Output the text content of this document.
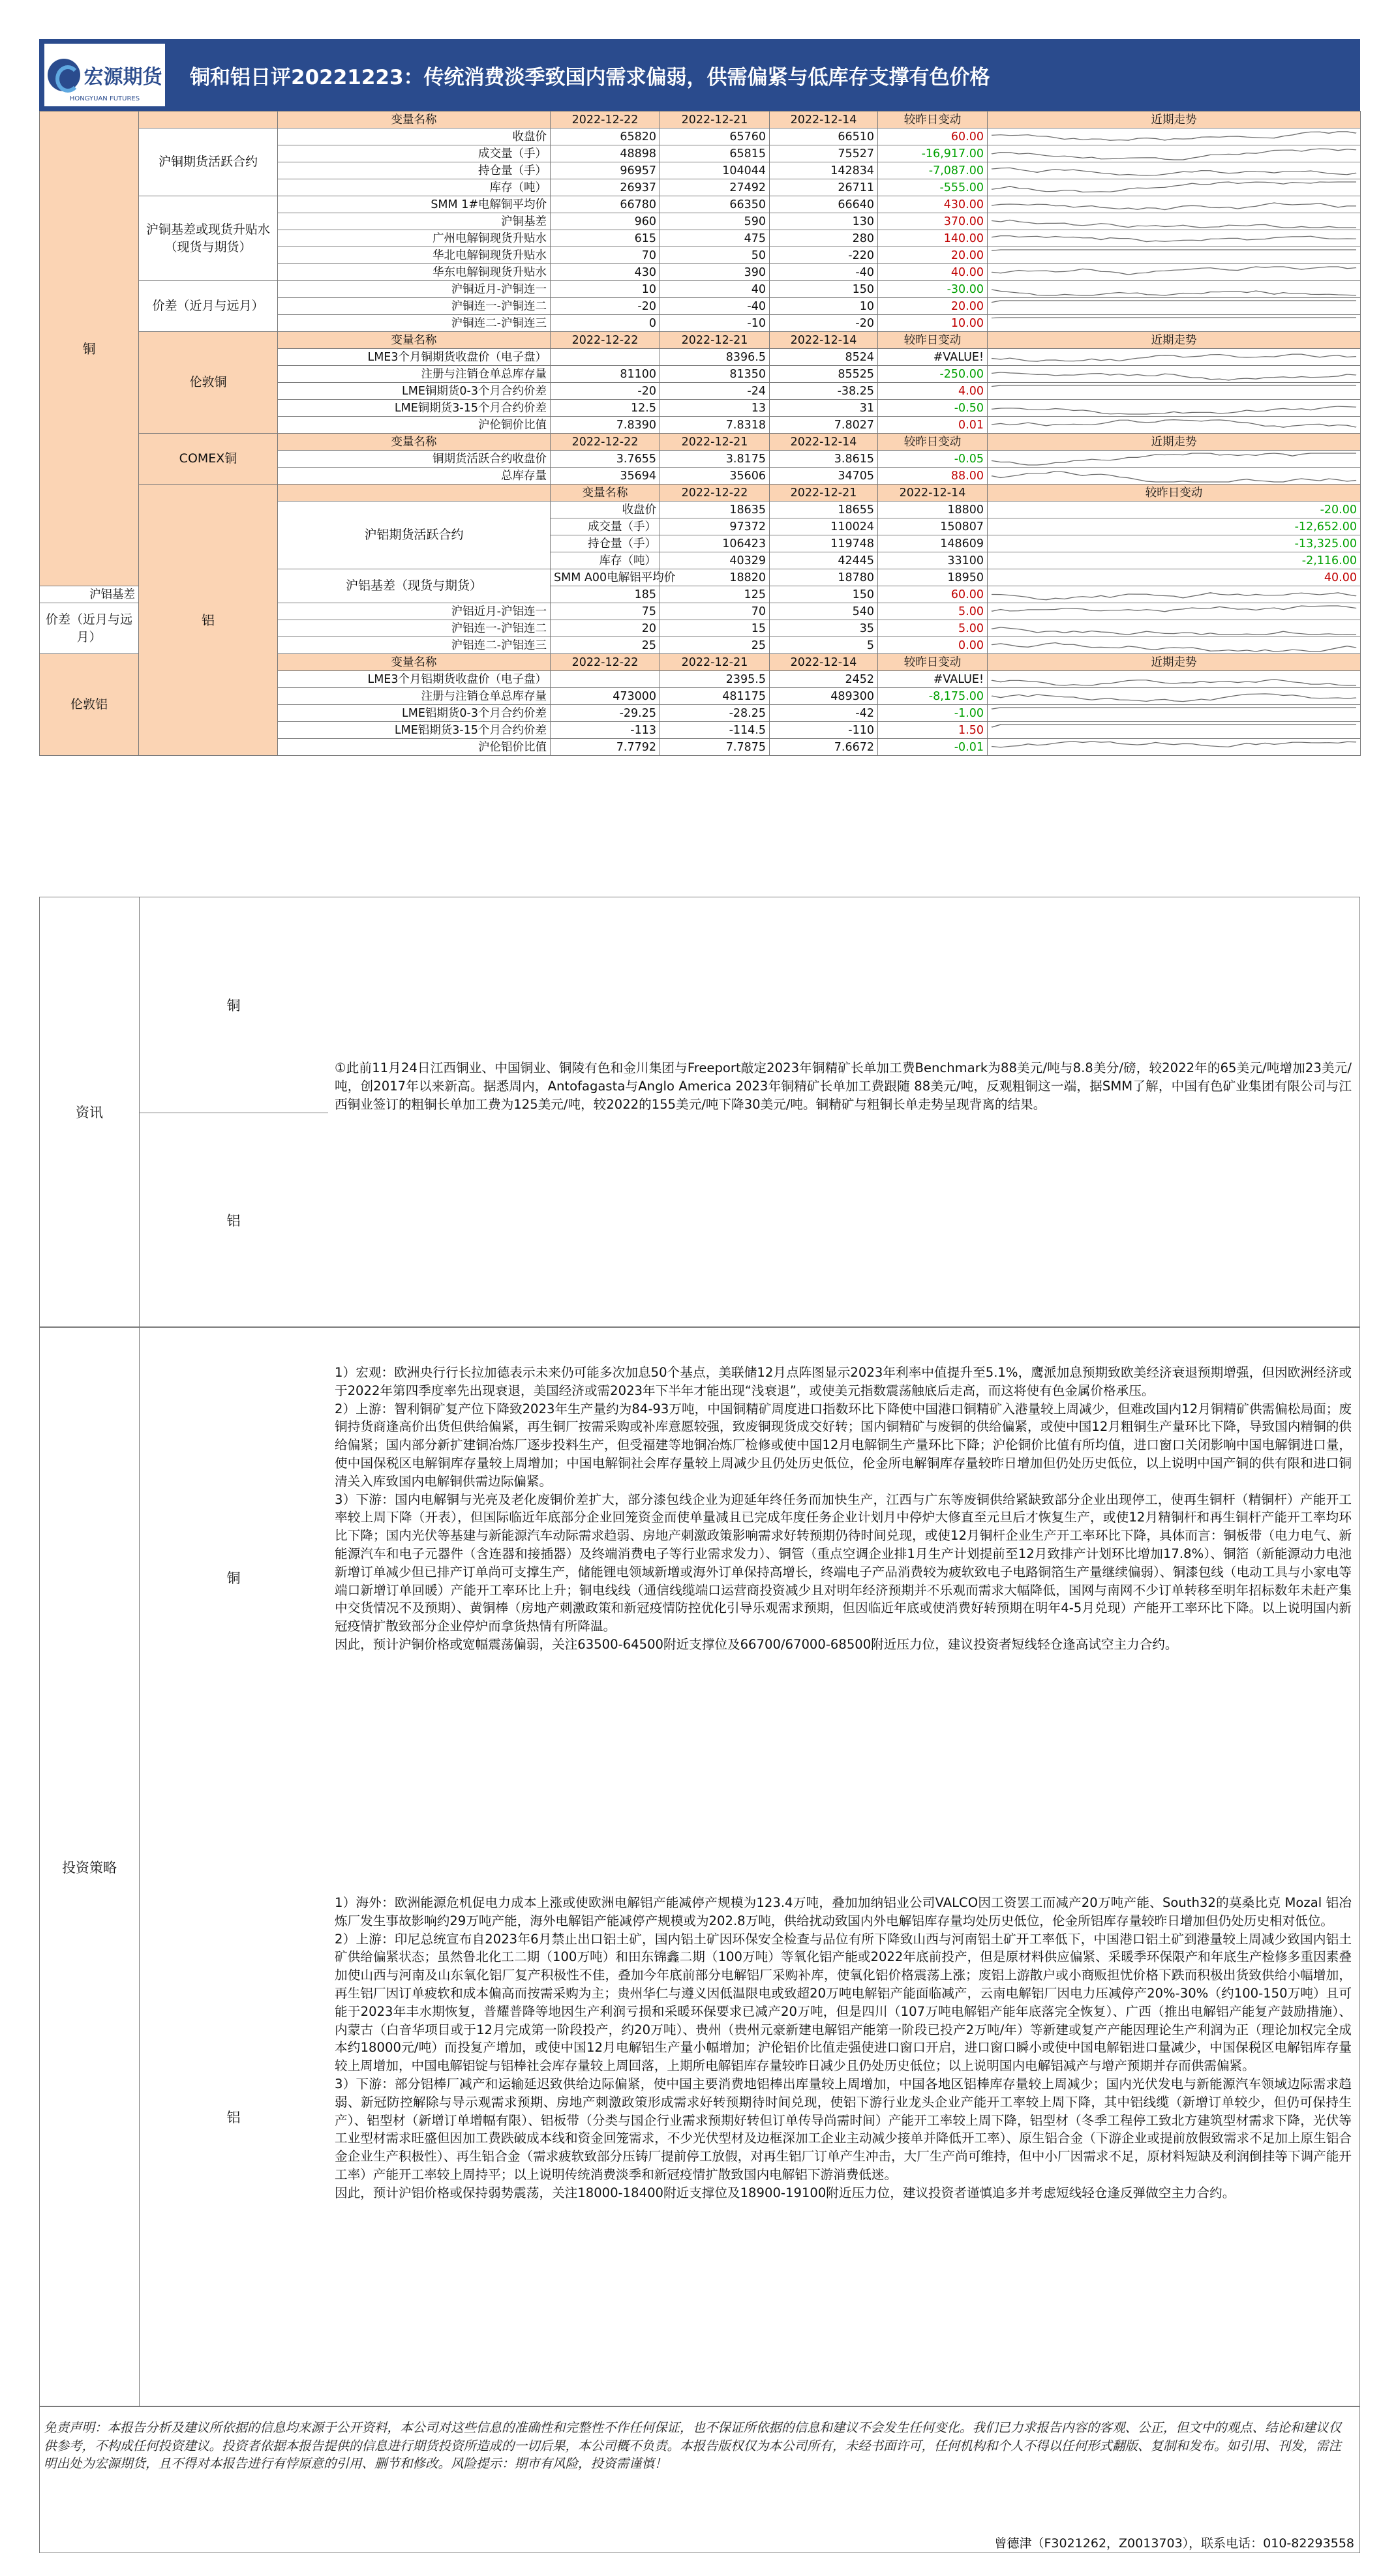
宏源期货
HONGYUAN FUTURES
铜和铝日评20221223：传统消费淡季致国内需求偏弱，供需偏紧与低库存支撑有色价格
铜		变量名称	2022-12-22	2022-12-21	2022-12-14	较昨日变动	近期走势	
	沪铜期货活跃合约	收盘价	65820	65760	66510	60.00	

		成交量（手）	48898	65815	75527	-16,917.00	

		持仓量（手）	96957	104044	142834	-7,087.00	

		库存（吨）	26937	27492	26711	-555.00	

	沪铜基差或现货升贴水（现货与期货）	SMM 1#电解铜平均价	66780	66350	66640	430.00	

		沪铜基差	960	590	130	370.00	

		广州电解铜现货升贴水	615	475	280	140.00	

		华北电解铜现货升贴水	70	50	-220	20.00	

		华东电解铜现货升贴水	430	390	-40	40.00	

	价差（近月与远月）	沪铜近月-沪铜连一	10	40	150	-30.00	

		沪铜连一-沪铜连二	-20	-40	10	20.00	

		沪铜连二-沪铜连三	0	-10	-20	10.00	

	伦敦铜	变量名称	2022-12-22	2022-12-21	2022-12-14	较昨日变动	近期走势	
		LME3个月铜期货收盘价（电子盘）		8396.5	8524	#VALUE!	

		注册与注销仓单总库存量	81100	81350	85525	-250.00	

		LME铜期货0-3个月合约价差	-20	-24	-38.25	4.00	

		LME铜期货3-15个月合约价差	12.5	13	31	-0.50	

		沪伦铜价比值	7.8390	7.8318	7.8027	0.01	

	COMEX铜	变量名称	2022-12-22	2022-12-21	2022-12-14	较昨日变动	近期走势	
		铜期货活跃合约收盘价	3.7655	3.8175	3.8615	-0.05	

		总库存量	35694	35606	34705	88.00	

	铝		变量名称	2022-12-22	2022-12-21	2022-12-14	较昨日变动	
		沪铝期货活跃合约	收盘价	18635	18655	18800	-20.00	

			成交量（手）	97372	110024	150807	-12,652.00	

			持仓量（手）	106423	119748	148609	-13,325.00	

			库存（吨）	40329	42445	33100	-2,116.00	

		沪铝基差（现货与期货）	SMM A00电解铝平均价	18820	18780	18950	40.00	

沪铝基差			185	125	150	60.00	

价差（近月与远月）		沪铝近月-沪铝连一	75	70	540	5.00	

		沪铝连一-沪铝连二	20	15	35	5.00	

		沪铝连二-沪铝连三	25	25	5	0.00	

伦敦铝		变量名称	2022-12-22	2022-12-21	2022-12-14	较昨日变动	近期走势	
		LME3个月铝期货收盘价（电子盘）		2395.5	2452	#VALUE!	

		注册与注销仓单总库存量	473000	481175	489300	-8,175.00	

		LME铝期货0-3个月合约价差	-29.25	-28.25	-42	-1.00	

		LME铝期货3-15个月合约价差	-113	-114.5	-110	1.50	

		沪伦铝价比值	7.7792	7.7875	7.6672	-0.01	
资讯
铜
铝
①此前11月24日江西铜业、中国铜业、铜陵有色和金川集团与Freeport敲定2023年铜精矿长单加工费Benchmark为88美元/吨与8.8美分/磅，较2022年的65美元/吨增加23美元/吨，创2017年以来新高。据悉周内，Antofagasta与Anglo America 2023年铜精矿长单加工费跟随 88美元/吨，反观粗铜这一端，据SMM了解，中国有色矿业集团有限公司与江西铜业签订的粗铜长单加工费为125美元/吨，较2022的155美元/吨下降30美元/吨。铜精矿与粗铜长单走势呈现背离的结果。
投资策略
铜
铝

1）宏观：欧洲央行行长拉加德表示未来仍可能多次加息50个基点，美联储12月点阵图显示2023年利率中值提升至5.1%，鹰派加息预期致欧美经济衰退预期增强，但因欧洲经济或于2022年第四季度率先出现衰退，美国经济或需2023年下半年才能出现“浅衰退”，或使美元指数震荡触底后走高，而这将使有色金属价格承压。

2）上游：智利铜矿复产位下降致2023年生产量约为84-93万吨，中国铜精矿周度进口指数环比下降使中国港口铜精矿入港量较上周减少，但难改国内12月铜精矿供需偏松局面；废铜持货商逢高价出货但供给偏紧，再生铜厂按需采购或补库意愿较强，致废铜现货成交好转；国内铜精矿与废铜的供给偏紧，或使中国12月粗铜生产量环比下降，导致国内精铜的供给偏紧；国内部分新扩建铜冶炼厂逐步投料生产，但受福建等地铜冶炼厂检修或使中国12月电解铜生产量环比下降；沪伦铜价比值有所均值，进口窗口关闭影响中国电解铜进口量，使中国保税区电解铜库存量较上周增加；中国电解铜社会库存量较上周减少且仍处历史低位，伦金所电解铜库存量较昨日增加但仍处历史低位，以上说明中国产铜的供有限和进口铜清关入库致国内电解铜供需边际偏紧。

3）下游：国内电解铜与光亮及老化废铜价差扩大，部分漆包线企业为迎延年终任务而加快生产，江西与广东等废铜供给紧缺致部分企业出现停工，使再生铜杆（精铜杆）产能开工率较上周下降（开表），但国际临近年底部分企业回笼资金而使单量减且已完成年度任务企业计划月中停炉大修直至元旦后才恢复生产，或使12月精铜杆和再生铜杆产能开工率均环比下降；国内光伏等基建与新能源汽车动际需求趋弱、房地产刺激政策影响需求好转预期仍待时间兑现，或使12月铜杆企业生产开工率环比下降，具体而言：铜板带（电力电气、新能源汽车和电子元器件（含连器和接插器）及终端消费电子等行业需求发力）、铜管（重点空调企业排1月生产计划提前至12月致排产计划环比增加17.8%）、铜箔（新能源动力电池新增订单减少但已排产订单尚可支撑生产，储能锂电领域新增或海外订单保持高增长，终端电子产品消费较为疲软致电子电路铜箔生产量继续偏弱）、铜漆包线（电动工具与小家电等端口新增订单回暖）产能开工率环比上升；铜电线线（通信线缆端口运营商投资减少且对明年经济预期并不乐观而需求大幅降低，国网与南网不少订单转移至明年招标数年未赶产集中交货情况不及预期）、黄铜棒（房地产刺激政策和新冠疫情防控优化引导乐观需求预期，但因临近年底或使消费好转预期在明年4-5月兑现）产能开工率环比下降。以上说明国内新冠疫情扩散致部分企业停炉而拿货热情有所降温。

因此，预计沪铜价格或宽幅震荡偏弱，关注63500-64500附近支撑位及66700/67000-68500附近压力位，建议投资者短线轻仓逢高试空主力合约。

1）海外：欧洲能源危机促电力成本上涨或使欧洲电解铝产能减停产规模为123.4万吨，叠加加纳铝业公司VALCO因工资罢工而减产20万吨产能、South32的莫桑比克 Mozal 铝冶炼厂发生事故影响约29万吨产能，海外电解铝产能减停产规模或为202.8万吨，供给扰动致国内外电解铝库存量均处历史低位，伦金所铝库存量较昨日增加但仍处历史相对低位。

2）上游：印尼总统宣布自2023年6月禁止出口铝土矿，国内铝土矿因环保安全检查与品位有所下降致山西与河南铝土矿开工率低下，中国港口铝土矿到港量较上周减少致国内铝土矿供给偏紧状态；虽然鲁北化工二期（100万吨）和田东锦鑫二期（100万吨）等氧化铝产能或2022年底前投产，但是原材料供应偏紧、采暖季环保限产和年底生产检修多重因素叠加使山西与河南及山东氧化铝厂复产积极性不佳，叠加今年底前部分电解铝厂采购补库，使氧化铝价格震荡上涨；废铝上游散户或小商贩担忧价格下跌而积极出货致供给小幅增加，再生铝厂因订单疲软和成本偏高而按需采购为主；贵州华仁与遵义因低温限电或致超20万吨电解铝产能面临减产，云南电解铝厂因电力压减停产20%-30%（约100-150万吨）且可能于2023年丰水期恢复，普耀普降等地因生产利润亏损和采暖环保要求已减产20万吨，但是四川（107万吨电解铝产能年底落完全恢复）、广西（推出电解铝产能复产鼓励措施）、内蒙古（白音华项目或于12月完成第一阶段投产，约20万吨）、贵州（贵州元豪新建电解铝产能第一阶段已投产2万吨/年）等新建或复产产能因理论生产利润为正（理论加权完全成本约18000元/吨）而投复产增加，或使中国12月电解铝生产量小幅增加；沪伦铝价比值走强使进口窗口开启，进口窗口瞬小或使中国电解铝进口量减少，中国保税区电解铝库存量较上周增加，中国电解铝锭与铝棒社会库存量较上周回落，上期所电解铝库存量较昨日减少且仍处历史低位；以上说明国内电解铝减产与增产预期并存而供需偏紧。

3）下游：部分铝棒厂减产和运输延迟致供给边际偏紧，使中国主要消费地铝棒出库量较上周增加，中国各地区铝棒库存量较上周减少；国内光伏发电与新能源汽车领域边际需求趋弱、新冠防控解除与导示观需求预期、房地产刺激政策形成需求好转预期待时间兑现，使铝下游行业龙头企业产能开工率较上周下降，其中铝线缆（新增订单较少，但仍可保持生产）、铝型材（新增订单增幅有限）、铝板带（分类与国企行业需求预期好转但订单传导尚需时间）产能开工率较上周下降，铝型材（冬季工程停工致北方建筑型材需求下降，光伏等工业型材需求旺盛但因加工费跌破成本线和资金回笼需求，不少光伏型材及边框深加工企业主动减少接单并降低开工率）、原生铝合金（下游企业或提前放假致需求不足加上原生铝合金企业生产积极性）、再生铝合金（需求疲软致部分压铸厂提前停工放假，对再生铝厂订单产生冲击，大厂生产尚可维持，但中小厂因需求不足，原材料短缺及利润倒挂等下调产能开工率）产能开工率较上周持平；以上说明传统消费淡季和新冠疫情扩散致国内电解铝下游消费低迷。

因此，预计沪铝价格或保持弱势震荡，关注18000-18400附近支撑位及18900-19100附近压力位，建议投资者谨慎追多并考虑短线轻仓逢反弹做空主力合约。

免责声明：本报告分析及建议所依据的信息均来源于公开资料，本公司对这些信息的准确性和完整性不作任何保证，也不保证所依据的信息和建议不会发生任何变化。我们已力求报告内容的客观、公正，但文中的观点、结论和建议仅供参考，不构成任何投资建议。投资者依据本报告提供的信息进行期货投资所造成的一切后果，本公司概不负责。本报告版权仅为本公司所有，未经书面许可，任何机构和个人不得以任何形式翻版、复制和发布。如引用、刊发，需注明出处为宏源期货，且不得对本报告进行有悖原意的引用、删节和修改。风险提示：期市有风险，投资需谨慎！
曾德津（F3021262，Z0013703），联系电话：010-82293558
